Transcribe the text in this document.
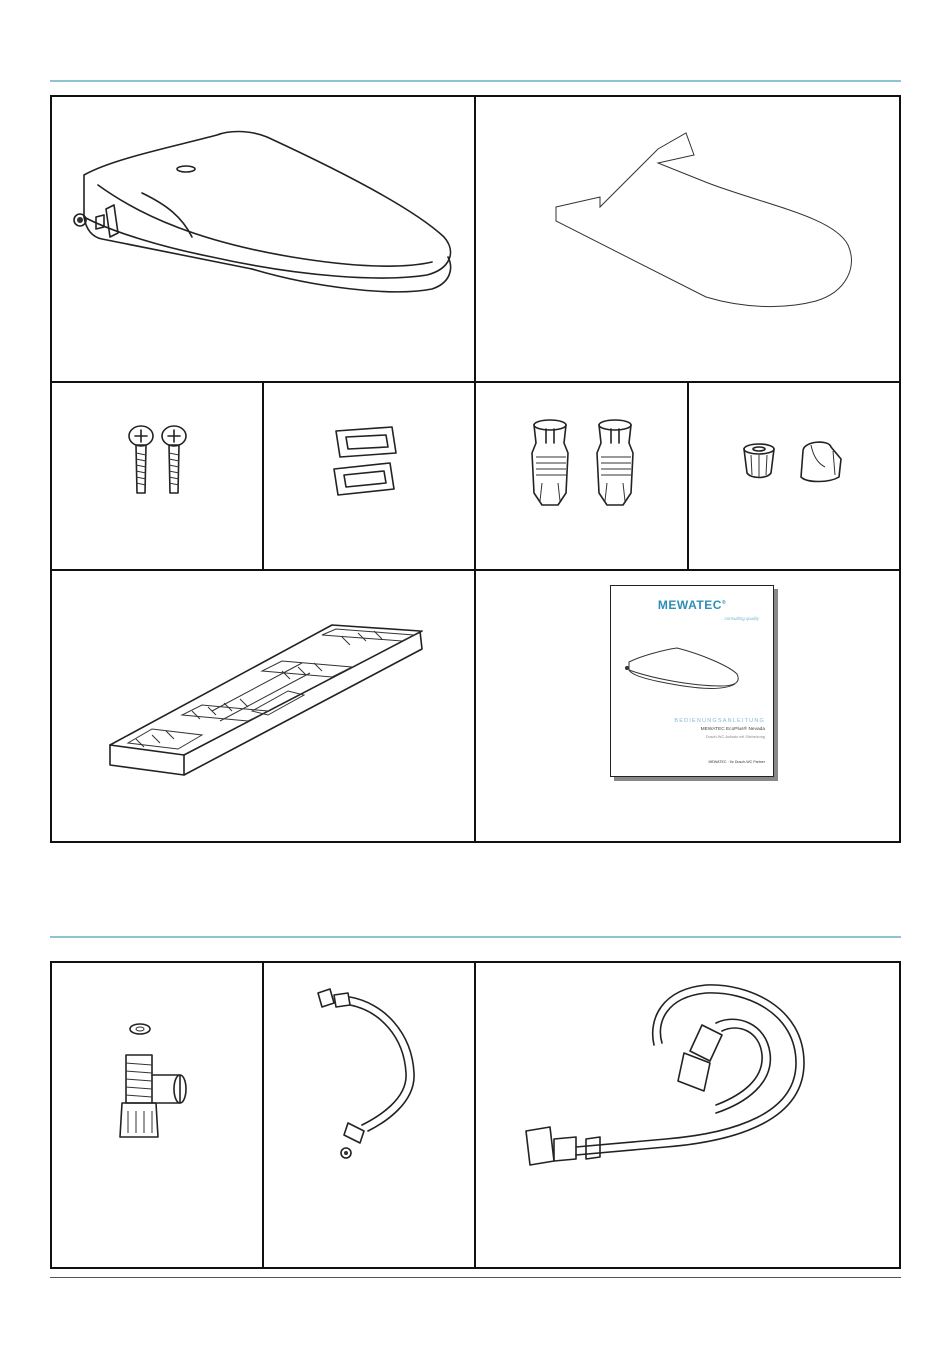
MEWATEC®
consulting quality
BEDIENUNGSANLEITUNG
MEWATEC EcoPlus® Nevada
Dusch-WC-Aufsatz mit Sitzheizung
MEWATEC · Ihr Dusch-WC Partner
